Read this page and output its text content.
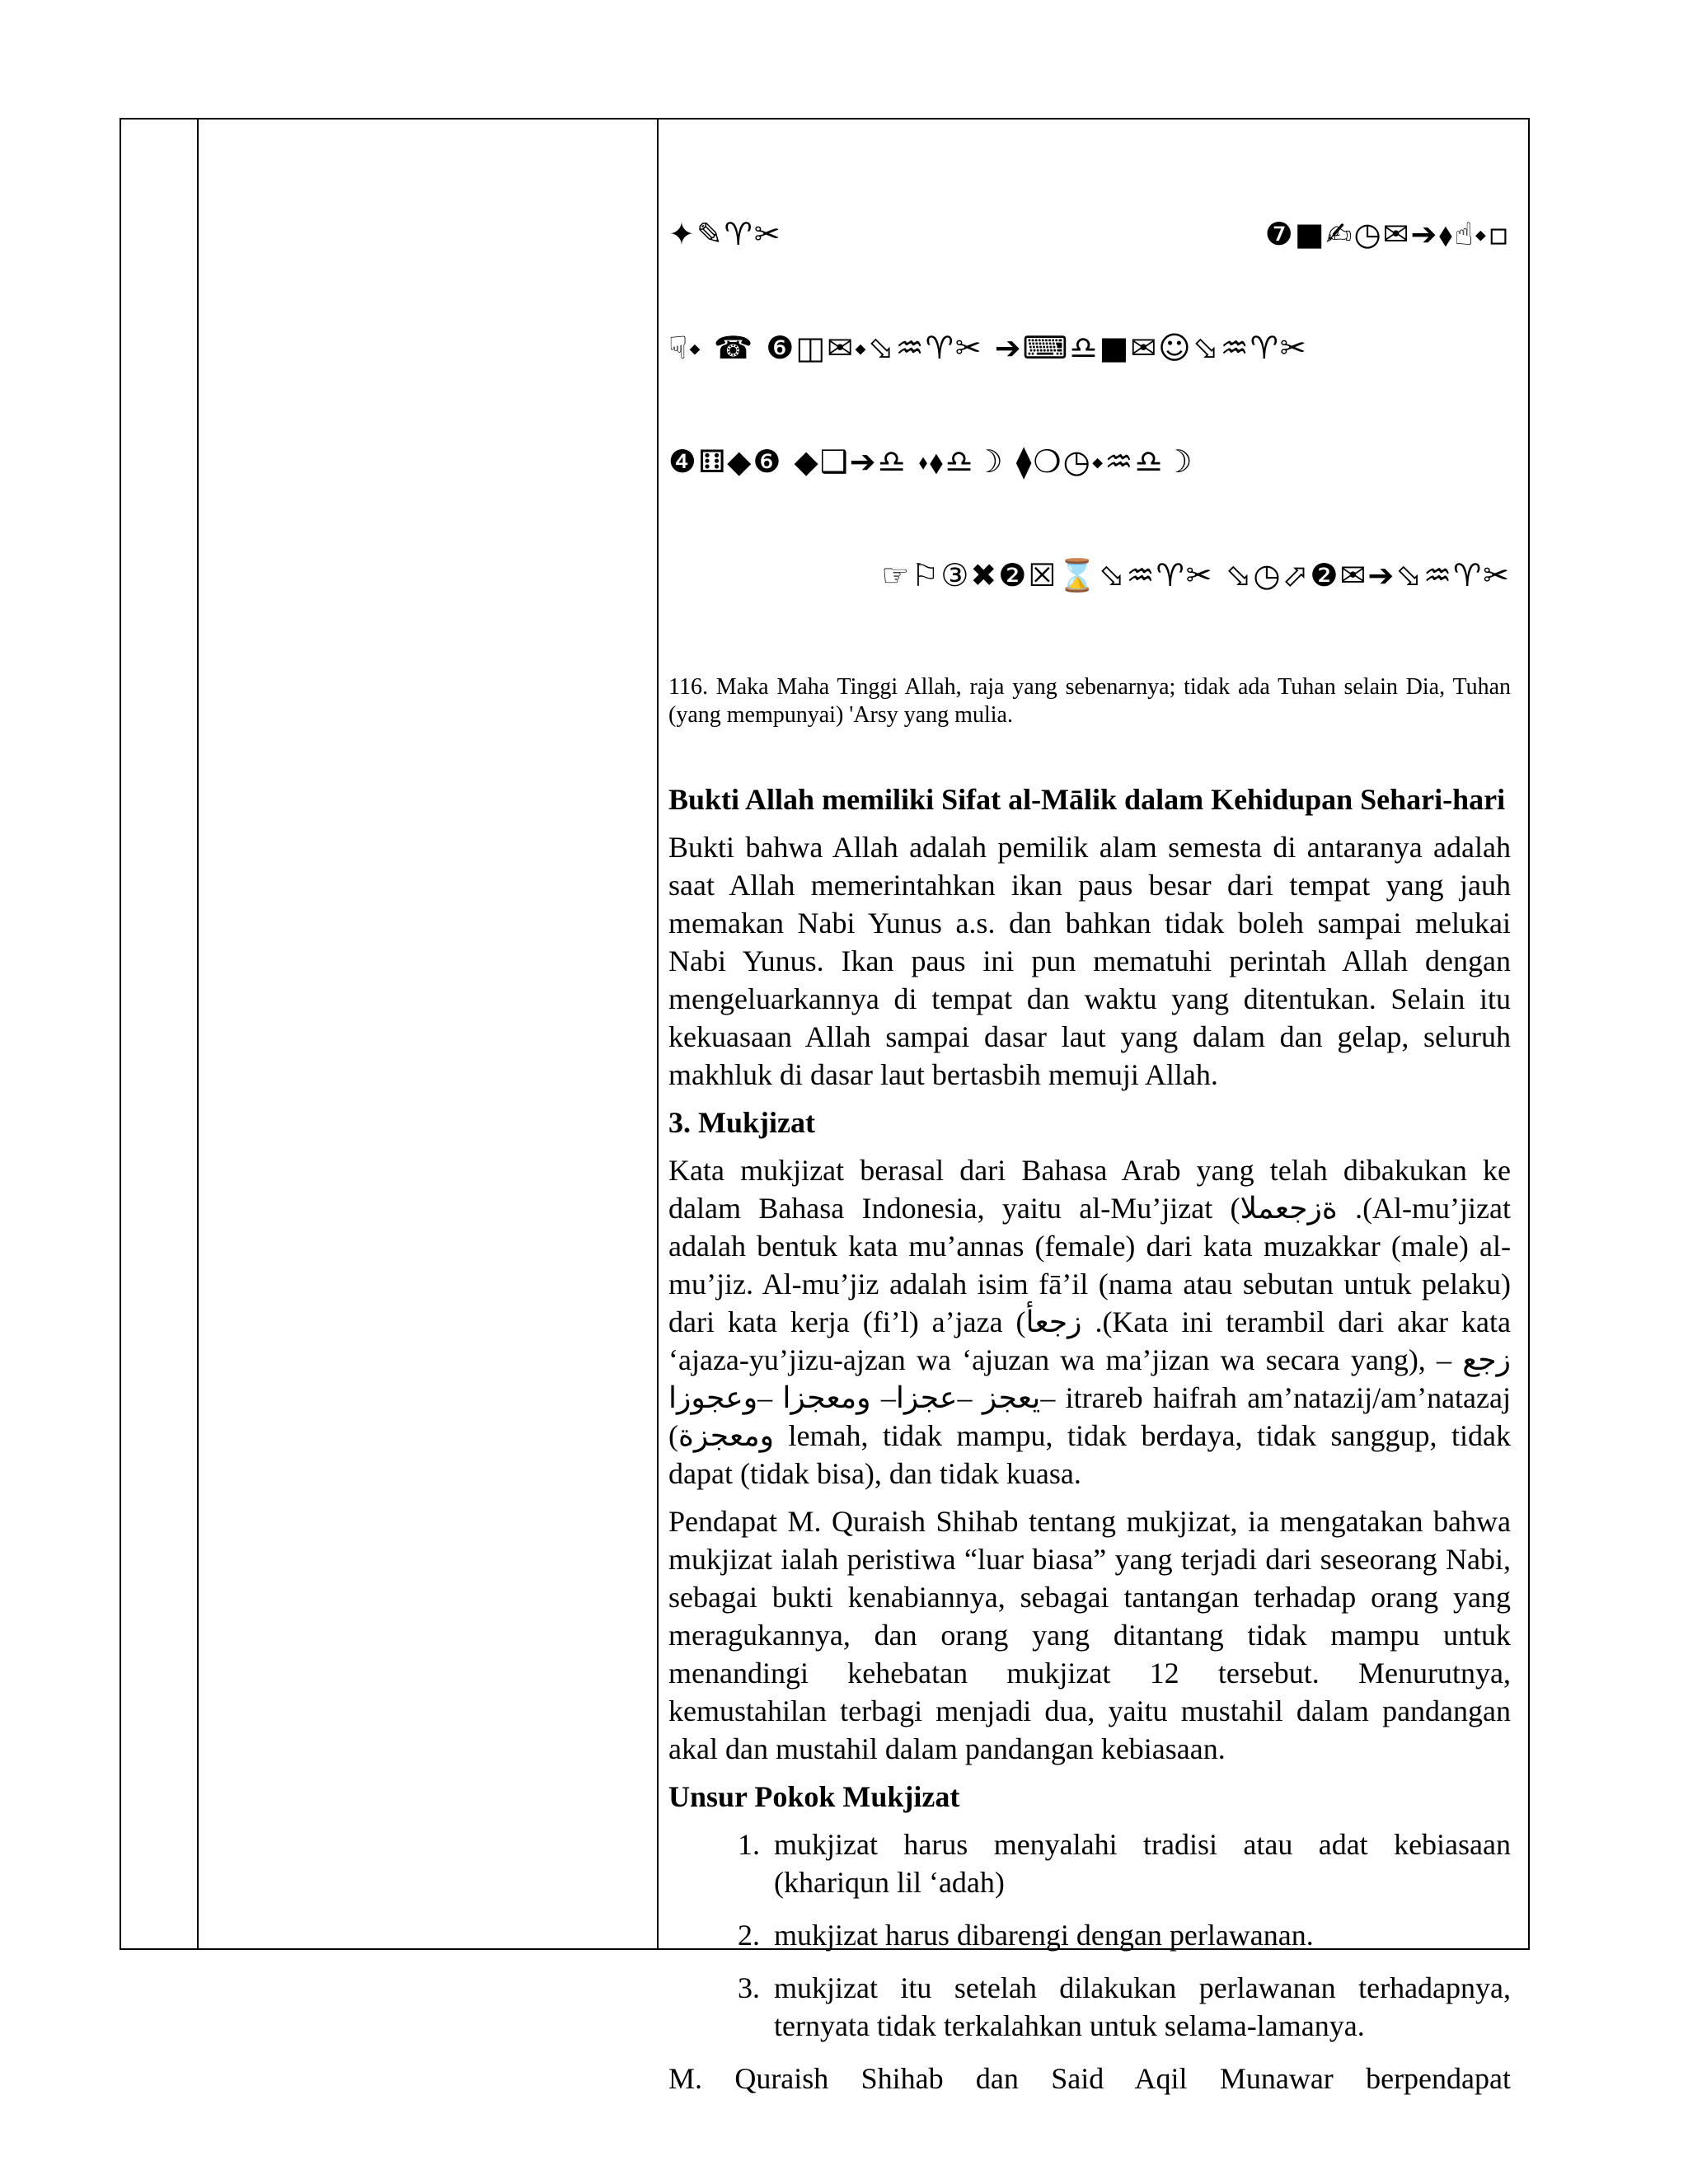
✦✎♈✂	❼■✍◷✉➔⬧☝⬩▫

☟⬩ ☎ ❻◫✉⬩⬂♒♈✂ ➔⌨♎■✉☺⬂♒♈✂

❹⚅◆❻ ◆❑➔♎ ⬪⬧♎☽ ⧫❍◷⬩♒♎☽

☞⚐③✖❷☒⌛⬂♒♈✂ ⬂◷⬀❷✉➔⬂♒♈✂

116. Maka Maha Tinggi Allah, raja yang sebenarnya; tidak ada Tuhan selain Dia, Tuhan (yang mempunyai) 'Arsy yang mulia.
Bukti Allah memiliki Sifat al-Mālik dalam Kehidupan Sehari-hari
Bukti bahwa Allah adalah pemilik alam semesta di antaranya adalah saat Allah memerintahkan ikan paus besar dari tempat yang jauh memakan Nabi Yunus a.s. dan bahkan tidak boleh sampai melukai Nabi Yunus. Ikan paus ini pun mematuhi perintah Allah dengan mengeluarkannya di tempat dan waktu yang ditentukan. Selain itu kekuasaan Allah sampai dasar laut yang dalam dan gelap, seluruh makhluk di dasar laut bertasbih memuji Allah.
3. Mukjizat
Kata mukjizat berasal dari Bahasa Arab yang telah dibakukan ke dalam Bahasa Indonesia, yaitu al-Mu’jizat (ةزجعملا .(Al-mu’jizat adalah bentuk kata mu’annas (female) dari kata muzakkar (male) al-mu’jiz. Al-mu’jiz adalah isim fā’il (nama atau sebutan untuk pelaku) dari kata kerja (fi’l) a’jaza (زجعأ .(Kata ini terambil dari akar kata ‘ajaza-yu’jizu-ajzan wa ‘ajuzan wa ma’jizan wa secara yang), زجع – يعجز –عجزا– ومعجزا –وعجوزا– itrareb haifrah am’natazij/am’natazaj (ومعجزة lemah, tidak mampu, tidak berdaya, tidak sanggup, tidak dapat (tidak bisa), dan tidak kuasa.
Pendapat M. Quraish Shihab tentang mukjizat, ia mengatakan bahwa mukjizat ialah peristiwa “luar biasa” yang terjadi dari seseorang Nabi, sebagai bukti kenabiannya, sebagai tantangan terhadap orang yang meragukannya, dan orang yang ditantang tidak mampu untuk menandingi kehebatan mukjizat 12 tersebut. Menurutnya, kemustahilan terbagi menjadi dua, yaitu mustahil dalam pandangan akal dan mustahil dalam pandangan kebiasaan.
Unsur Pokok Mukjizat
1. mukjizat harus menyalahi tradisi atau adat kebiasaan (khariqun lil ‘adah)
2. mukjizat harus dibarengi dengan perlawanan.
3. mukjizat itu setelah dilakukan perlawanan terhadapnya, ternyata tidak terkalahkan untuk selama-lamanya.
M. Quraish Shihab dan Said Aqil Munawar berpendapat
